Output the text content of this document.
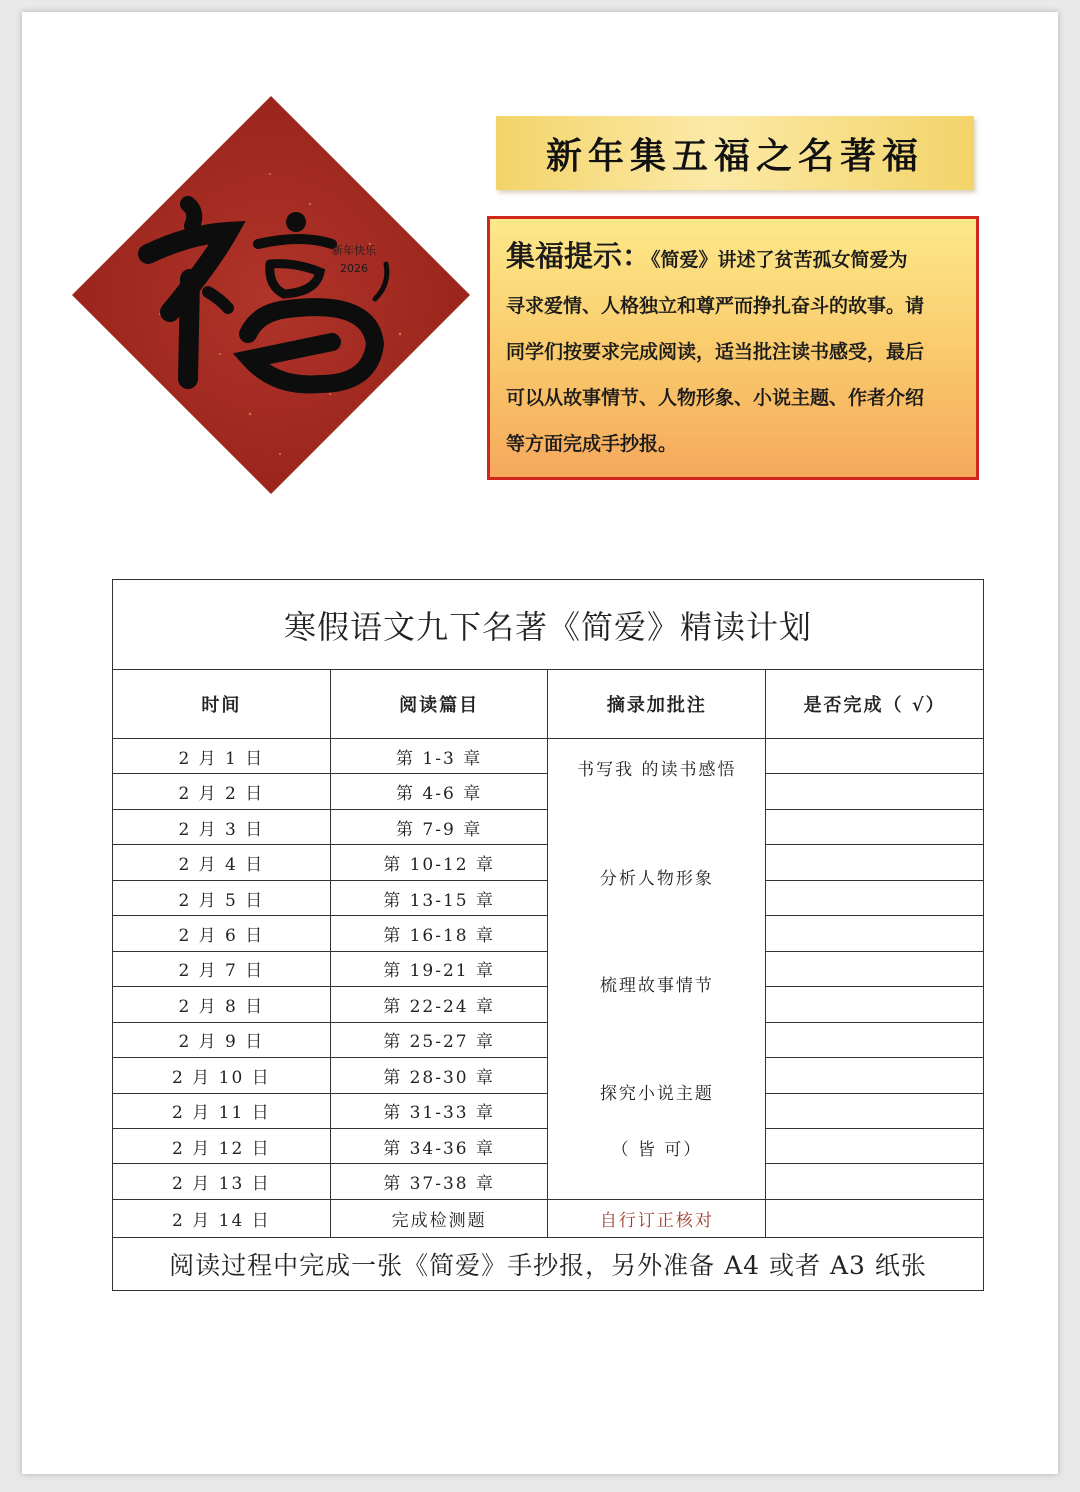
新年快乐
2026
新年集五福之名著福
集福提示：《简爱》讲述了贫苦孤女简爱为
寻求爱情、人格独立和尊严而挣扎奋斗的故事。请
同学们按要求完成阅读，适当批注读书感受，最后
可以从故事情节、人物形象、小说主题、作者介绍
等方面完成手抄报。
寒假语文九下名著《简爱》精读计划			
时间	阅读篇目	摘录加批注	是否完成（ √）
2 月 1 日	第 1-3 章	书写我 的读书感悟
分析人物形象
梳理故事情节
探究小说主题
（ 皆 可）	

2 月 2 日	第 4-6 章		
2 月 3 日	第 7-9 章		
2 月 4 日	第 10-12 章		
2 月 5 日	第 13-15 章		
2 月 6 日	第 16-18 章		
2 月 7 日	第 19-21 章		
2 月 8 日	第 22-24 章		
2 月 9 日	第 25-27 章		
2 月 10 日	第 28-30 章		
2 月 11 日	第 31-33 章		
2 月 12 日	第 34-36 章		
2 月 13 日	第 37-38 章		
2 月 14 日	完成检测题	自行订正核对	
阅读过程中完成一张《简爱》手抄报，另外准备 A4 或者 A3 纸张			
